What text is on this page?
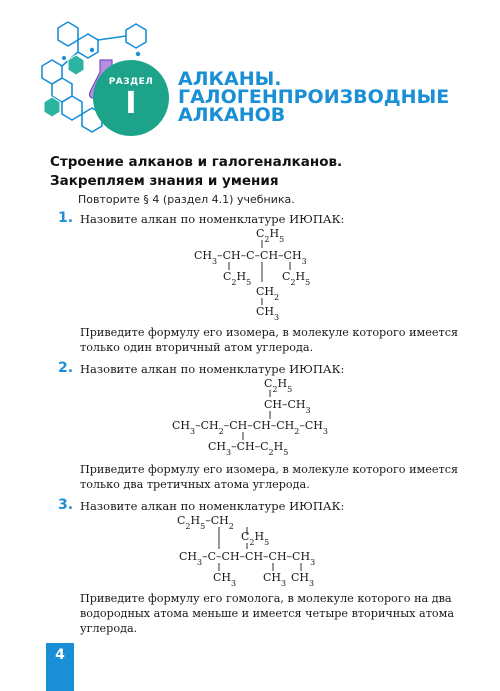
РАЗДЕЛ
I
АЛКАНЫ.
ГАЛОГЕНПРОИЗВОДНЫЕ
АЛКАНОВ
Строение алканов и галогеналканов.
Закрепляем знания и умения
Повторите § 4 (раздел 4.1) учебника.
1. Назовите алкан по номенклатуре ИЮПАК:
$C_2H_5$
$CH_3-CH-C-CH-CH_3$
$C_2H_5$	$C_2H_5$
$CH_2$
$CH_3$
Приведите формулу его изомера, в молекуле которого имеется
только один вторичный атом углерода.
2. Назовите алкан по номенклатуре ИЮПАК:
$C_2H_5$
$CH-CH_3$
$CH_3-CH_2-CH-CH-CH_2-CH_3$
$CH_3-CH-C_2H_5$
Приведите формулу его изомера, в молекуле которого имеется
только два третичных атома углерода.
3. Назовите алкан по номенклатуре ИЮПАК:
$C_2H_5-CH_2$
$C_2H_5$
$CH_3-C-CH-CH-CH-CH_3$
$CH_3$ $CH_3$ $CH_3$
Приведите формулу его гомолога, в молекуле которого на два
водородных атома меньше и имеется четыре вторичных атома
углерода.
4
